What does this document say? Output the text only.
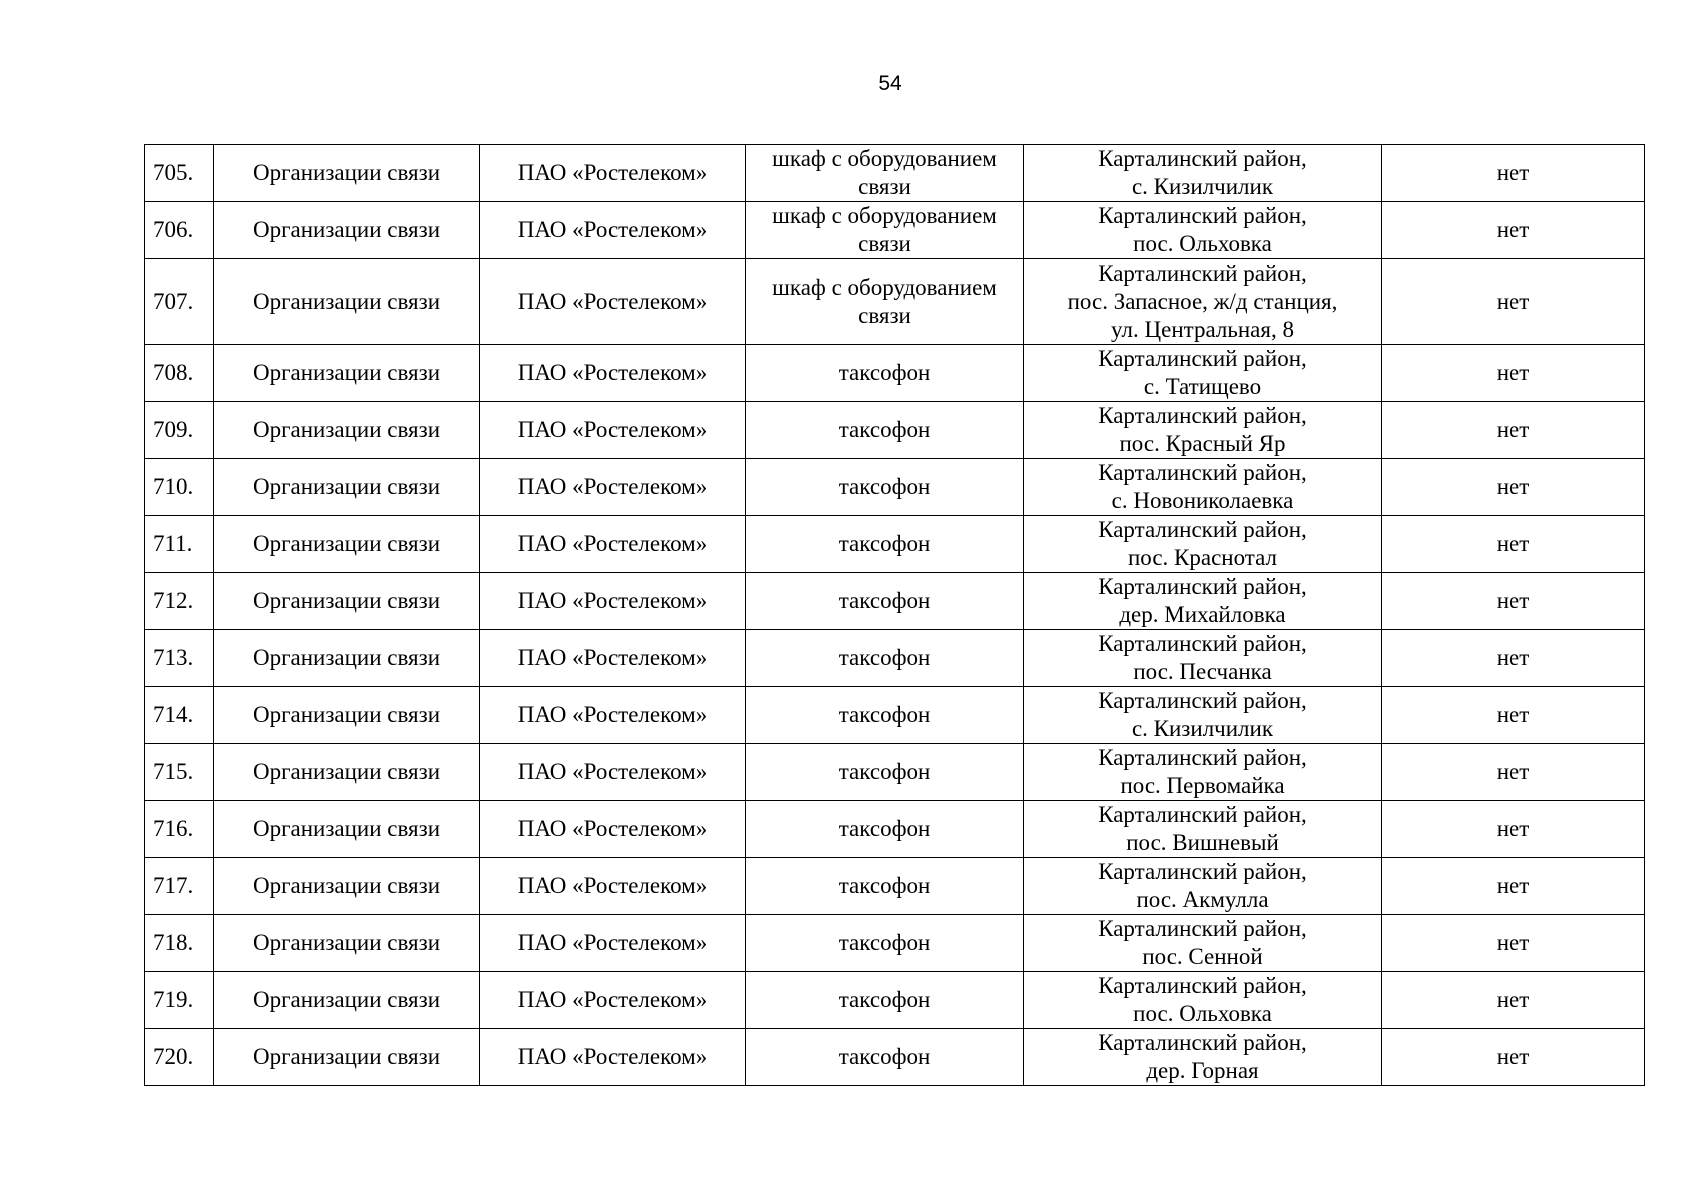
54
705.	Организации связи	ПАО «Ростелеком»	шкаф с оборудованием
связи	Карталинский район,
с. Кизилчилик	нет
706.	Организации связи	ПАО «Ростелеком»	шкаф с оборудованием
связи	Карталинский район,
пос. Ольховка	нет
707.	Организации связи	ПАО «Ростелеком»	шкаф с оборудованием
связи	Карталинский район,
пос. Запасное, ж/д станция,
ул. Центральная, 8	нет
708.	Организации связи	ПАО «Ростелеком»	таксофон	Карталинский район,
с. Татищево	нет
709.	Организации связи	ПАО «Ростелеком»	таксофон	Карталинский район,
пос. Красный Яр	нет
710.	Организации связи	ПАО «Ростелеком»	таксофон	Карталинский район,
с. Новониколаевка	нет
711.	Организации связи	ПАО «Ростелеком»	таксофон	Карталинский район,
пос. Краснотал	нет
712.	Организации связи	ПАО «Ростелеком»	таксофон	Карталинский район,
дер. Михайловка	нет
713.	Организации связи	ПАО «Ростелеком»	таксофон	Карталинский район,
пос. Песчанка	нет
714.	Организации связи	ПАО «Ростелеком»	таксофон	Карталинский район,
с. Кизилчилик	нет
715.	Организации связи	ПАО «Ростелеком»	таксофон	Карталинский район,
пос. Первомайка	нет
716.	Организации связи	ПАО «Ростелеком»	таксофон	Карталинский район,
пос. Вишневый	нет
717.	Организации связи	ПАО «Ростелеком»	таксофон	Карталинский район,
пос. Акмулла	нет
718.	Организации связи	ПАО «Ростелеком»	таксофон	Карталинский район,
пос. Сенной	нет
719.	Организации связи	ПАО «Ростелеком»	таксофон	Карталинский район,
пос. Ольховка	нет
720.	Организации связи	ПАО «Ростелеком»	таксофон	Карталинский район,
дер. Горная	нет
